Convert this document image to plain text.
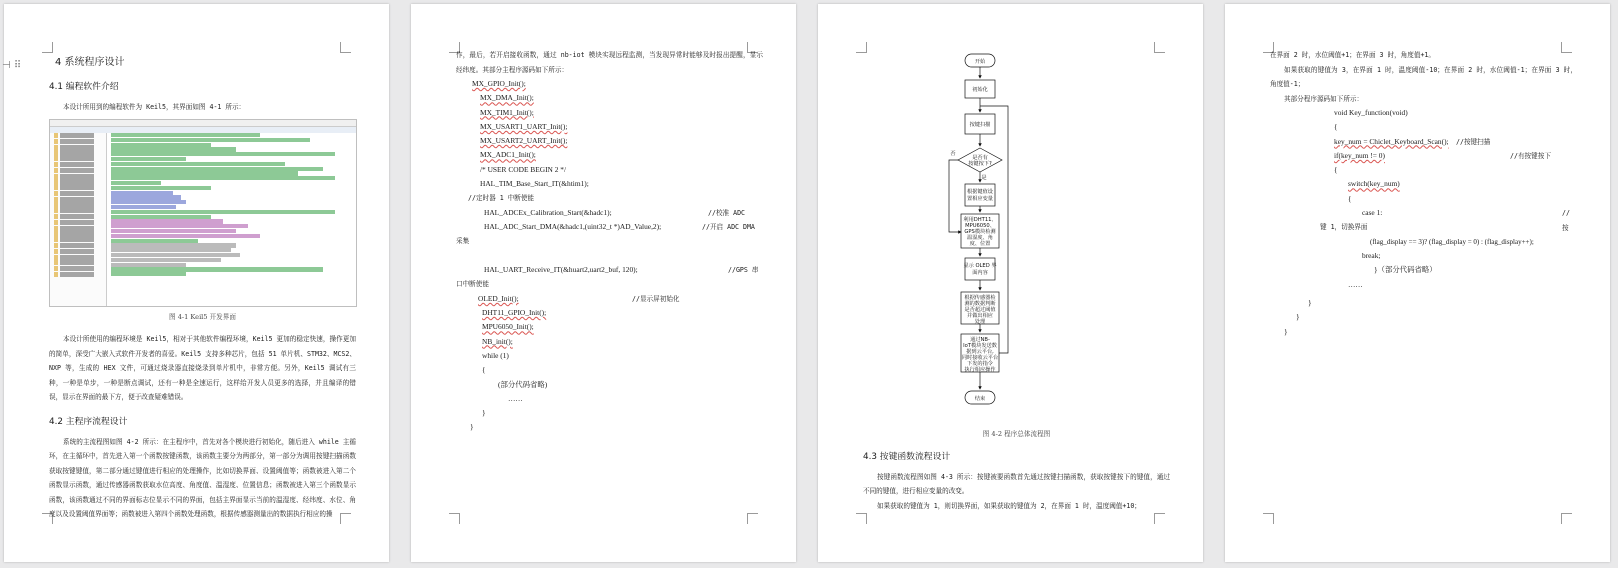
⊣ ⠿	4 系统程序设计
4.1 编程软件介绍

本设计所用到的编程软件为 Keil5，其界面如图 4-1 所示：

图 4-1 Keil5 开发界面

本设计所使用的编程环境是 Keil5，相对于其他软件编程环境，Keil5 更加的稳定快速，操作更加的简单，深受广大嵌入式软件开发者的喜爱。Keil5 支持多种芯片，包括 51 单片机、STM32、MCS2、NXP 等，生成的 HEX 文件，可通过烧录器直接烧录到单片机中，非常方便。另外，Keil5 调试有三种，一种是单步，一种是断点调试，还有一种是全速运行，这样给开发人员更多的选择，并且编译的错误，显示在界面的最下方，便于改查疑难错误。

4.2 主程序流程设计

系统的主流程图如图 4-2 所示：在主程序中，首先对各个模块进行初始化，随后进入 while 主循环，在主循环中，首先进入第一个函数按键函数，该函数主要分为两部分，第一部分为调用按键扫描函数获取按键键值，第二部分通过键值进行相应的处理操作，比如切换界面、设置阈值等；函数被进入第二个函数显示函数，通过传感器函数获取水位高度、角度值、温湿度、位置信息；函数被进入第三个函数显示函数，该函数通过不同的界面标志位显示不同的界面，包括主界面显示当前的温湿度、经纬度、水位、角度以及设置阈值界面等；函数被进入第四个函数处理函数，根据传感器测量出的数据执行相应的操

作，最后，若开启接收函数，通过 nb-iot 模块实现远程监测，当发现异常时能够及时报出提醒，显示经纬度。其部分主程序源码如下所示：

MX_GPIO_Init();
MX_DMA_Init();
MX_TIM1_Init();
MX_USART1_UART_Init();
MX_USART2_UART_Init();
MX_ADC1_Init();
/* USER CODE BEGIN 2 */
HAL_TIM_Base_Start_IT(&htim1);
//定时器 1 中断使能
HAL_ADCEx_Calibration_Start(&hadc1);	//校准 ADC
HAL_ADC_Start_DMA(&hadc1,(uint32_t *)AD_Value,2);	//开启 ADC DMA
采集
HAL_UART_Receive_IT(&huart2,uart2_buf, 120);	//GPS 串
口中断使能
OLED_Init();	//显示屏初始化
DHT11_GPIO_Init();
MPU6050_Init();
NB_init();
while (1)
{
(部分代码省略)
……
}
}
开始
初始化
按键扫描
是否有
按键按下?
是
否
根据键值设
置相应变量
利用DHT11、
MPU6050、
GPS模块检测
温湿度、角
度、位置
显示 OLED 界
面内容
根据传感器检
测的数据判断
是否超过阈值
并做出相应
处理
通过NB-
IoT模块发送数
据到云平台,
同时接收云平台
下发的指令
执行相应操作
结束
图 4-2 程序总体流程图
4.3 按键函数流程设计

按键函数流程图如图 4-3 所示：按键被要函数首先通过按键扫描函数，获取按键按下的键值，通过不同的键值，进行相应变量的改变。

如果获取的键值为 1，则切换界面，如果获取的键值为 2，在界面 1 时，温度阈值+10；

在界面 2 时，水位阈值+1；在界面 3 时，角度值+1。

如果获取的键值为 3，在界面 1 时，温度阈值-10；在界面 2 时，水位阈值-1；在界面 3 时，角度值-1；

其部分程序源码如下所示：

void Key_function(void)
{
key_num = Chiclet_Keyboard_Scan(); //按键扫描
if(key_num != 0)	//有按键按下
{
switch(key_num)
{
case 1:	// 按
键 1，切换界面
(flag_display == 3)? (flag_display = 0) : (flag_display++);
break;
}（部分代码省略）
……
}
}
}
